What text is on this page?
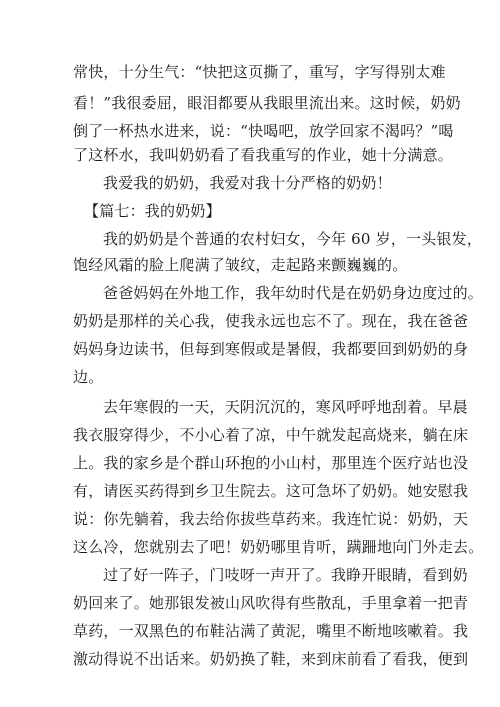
常快，十分生气：“快把这页撕了，重写，字写得别太难
看！”我很委屈，眼泪都要从我眼里流出来。这时候，奶奶
倒了一杯热水进来，说：“快喝吧，放学回家不渴吗？”喝
了这杯水，我叫奶奶看了看我重写的作业，她十分满意。
我爱我的奶奶，我爱对我十分严格的奶奶！
【篇七：我的奶奶】
我的奶奶是个普通的农村妇女，今年 60 岁，一头银发，
饱经风霜的脸上爬满了皱纹，走起路来颤巍巍的。
爸爸妈妈在外地工作，我年幼时代是在奶奶身边度过的。
奶奶是那样的关心我，使我永远也忘不了。现在，我在爸爸
妈妈身边读书，但每到寒假或是暑假，我都要回到奶奶的身
边。
去年寒假的一天，天阴沉沉的，寒风呼呼地刮着。早晨
我衣服穿得少，不小心着了凉，中午就发起高烧来，躺在床
上。我的家乡是个群山环抱的小山村，那里连个医疗站也没
有，请医买药得到乡卫生院去。这可急坏了奶奶。她安慰我
说：你先躺着，我去给你拔些草药来。我连忙说：奶奶，天
这么冷，您就别去了吧！奶奶哪里肯听，蹒跚地向门外走去。
过了好一阵子，门吱呀一声开了。我睁开眼睛，看到奶
奶回来了。她那银发被山风吹得有些散乱，手里拿着一把青
草药，一双黑色的布鞋沾满了黄泥，嘴里不断地咳嗽着。我
激动得说不出话来。奶奶换了鞋，来到床前看了看我，便到
